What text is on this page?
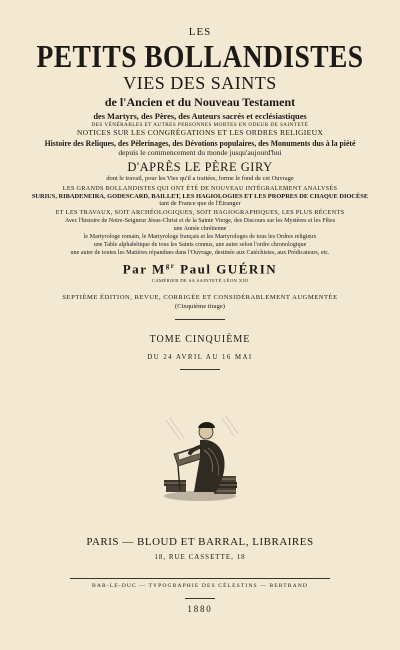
LES
PETITS BOLLANDISTES
VIES DES SAINTS
de l'Ancien et du Nouveau Testament
des Martyrs, des Pères, des Auteurs sacrés et ecclésiastiques
DES VÉNÉRABLES ET AUTRES PERSONNES MORTES EN ODEUR DE SAINTETÉ
NOTICES SUR LES CONGRÉGATIONS ET LES ORDRES RELIGIEUX
Histoire des Reliques, des Pèlerinages, des Dévotions populaires, des Monuments dus à la piété
depuis le commencement du monde jusqu'aujourd'hui
D'APRÈS LE PÈRE GIRY
dont le travail, pour les Vies qu'il a traitées, forme le fond de cet Ouvrage
LES GRANDS BOLLANDISTES QUI ONT ÉTÉ DE NOUVEAU INTÉGRALEMENT ANALYSÉS
SURIUS, RIBADENEIRA, GODESCARD, BAILLET, LES HAGIOLOGIES ET LES PROPRES DE CHAQUE DIOCÈSE
tant de France que de l'Étranger
ET LES TRAVAUX, SOIT ARCHÉOLOGIQUES, SOIT HAGIOGRAPHIQUES, LES PLUS RÉCENTS
Avec l'histoire de Notre-Seigneur Jésus-Christ et de la Sainte Vierge, des Discours sur les Mystères et les Fêtes
une Année chrétienne
le Martyrologe romain, le Martyrologe français et les Martyrologes de tous les Ordres religieux
une Table alphabétique de tous les Saints connus, une autre selon l'ordre chronologique
une autre de toutes les Matières répandues dans l'Ouvrage, destinée aux Catéchistes, aux Prédicateurs, etc.
Par $M^{gr}$ Paul GUÉRIN
CAMÉRIER DE SA SAINTETÉ LÉON XIII
SEPTIÈME ÉDITION, REVUE, CORRIGÉE ET CONSIDÉRABLEMENT AUGMENTÉE
(Cinquième tirage)
TOME CINQUIÈME
DU 24 AVRIL AU 16 MAI
PARIS — BLOUD ET BARRAL, LIBRAIRES
18, RUE CASSETTE, 18
BAR-LE-DUC — TYPOGRAPHIE DES CÉLESTINS — BERTRAND
1880
